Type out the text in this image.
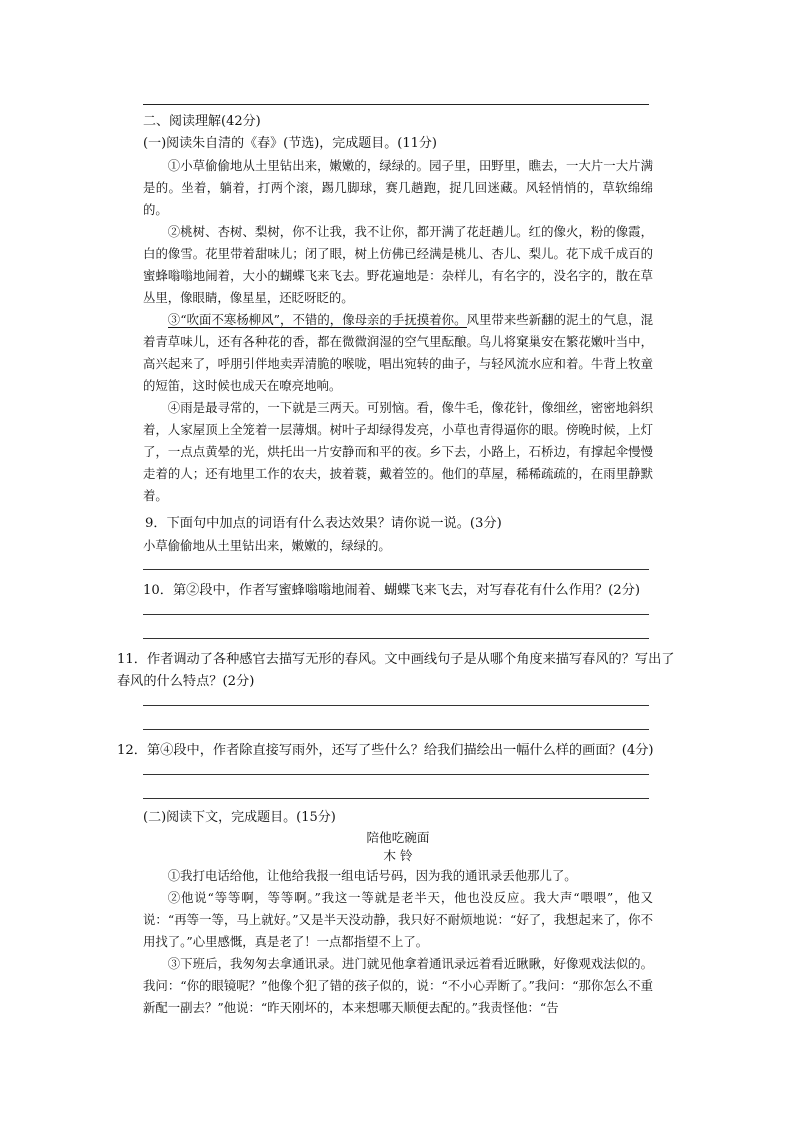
二、阅读理解(42分)
(一)阅读朱自清的《春》(节选)，完成题目。(11分)
①小草偷偷地从土里钻出来，嫩嫩的，绿绿的。园子里，田野里，瞧去，一大片一大片满是的。坐着，躺着，打两个滚，踢几脚球，赛几趟跑，捉几回迷藏。风轻悄悄的，草软绵绵的。
②桃树、杏树、梨树，你不让我，我不让你，都开满了花赶趟儿。红的像火，粉的像霞，白的像雪。花里带着甜味儿；闭了眼，树上仿佛已经满是桃儿、杏儿、梨儿。花下成千成百的蜜蜂嗡嗡地闹着，大小的蝴蝶飞来飞去。野花遍地是：杂样儿，有名字的，没名字的，散在草丛里，像眼睛，像星星，还眨呀眨的。
③“吹面不寒杨柳风”，不错的，像母亲的手抚摸着你。风里带来些新翻的泥土的气息，混着青草味儿，还有各种花的香，都在微微润湿的空气里酝酿。鸟儿将窠巢安在繁花嫩叶当中，高兴起来了，呼朋引伴地卖弄清脆的喉咙，唱出宛转的曲子，与轻风流水应和着。牛背上牧童的短笛，这时候也成天在嘹亮地响。
④雨是最寻常的，一下就是三两天。可别恼。看，像牛毛，像花针，像细丝，密密地斜织着，人家屋顶上全笼着一层薄烟。树叶子却绿得发亮，小草也青得逼你的眼。傍晚时候，上灯了，一点点黄晕的光，烘托出一片安静而和平的夜。乡下去，小路上，石桥边，有撑起伞慢慢走着的人；还有地里工作的农夫，披着蓑，戴着笠的。他们的草屋，稀稀疏疏的，在雨里静默着。
9．下面句中加点的词语有什么表达效果？请你说一说。(3分)
小草偷偷地从土里钻出来，嫩嫩的，绿绿的。
10．第②段中，作者写蜜蜂嗡嗡地闹着、蝴蝶飞来飞去，对写春花有什么作用？(2分)
11．作者调动了各种感官去描写无形的春风。文中画线句子是从哪个角度来描写春风的？写出了春风的什么特点？(2分)
12．第④段中，作者除直接写雨外，还写了些什么？给我们描绘出一幅什么样的画面？(4分)
(二)阅读下文，完成题目。(15分)
陪他吃碗面
木 铃
①我打电话给他，让他给我报一组电话号码，因为我的通讯录丢他那儿了。
②他说“等等啊，等等啊。”我这一等就是老半天，他也没反应。我大声“喂喂”，他又说：“再等一等，马上就好。”又是半天没动静，我只好不耐烦地说：“好了，我想起来了，你不用找了。”心里感慨，真是老了！一点都指望不上了。
③下班后，我匆匆去拿通讯录。进门就见他拿着通讯录远着看近瞅瞅，好像观戏法似的。我问：“你的眼镜呢？”他像个犯了错的孩子似的，说：“不小心弄断了。”我问：“那你怎么不重新配一副去？”他说：“昨天刚坏的，本来想哪天顺便去配的。”我责怪他：“告
